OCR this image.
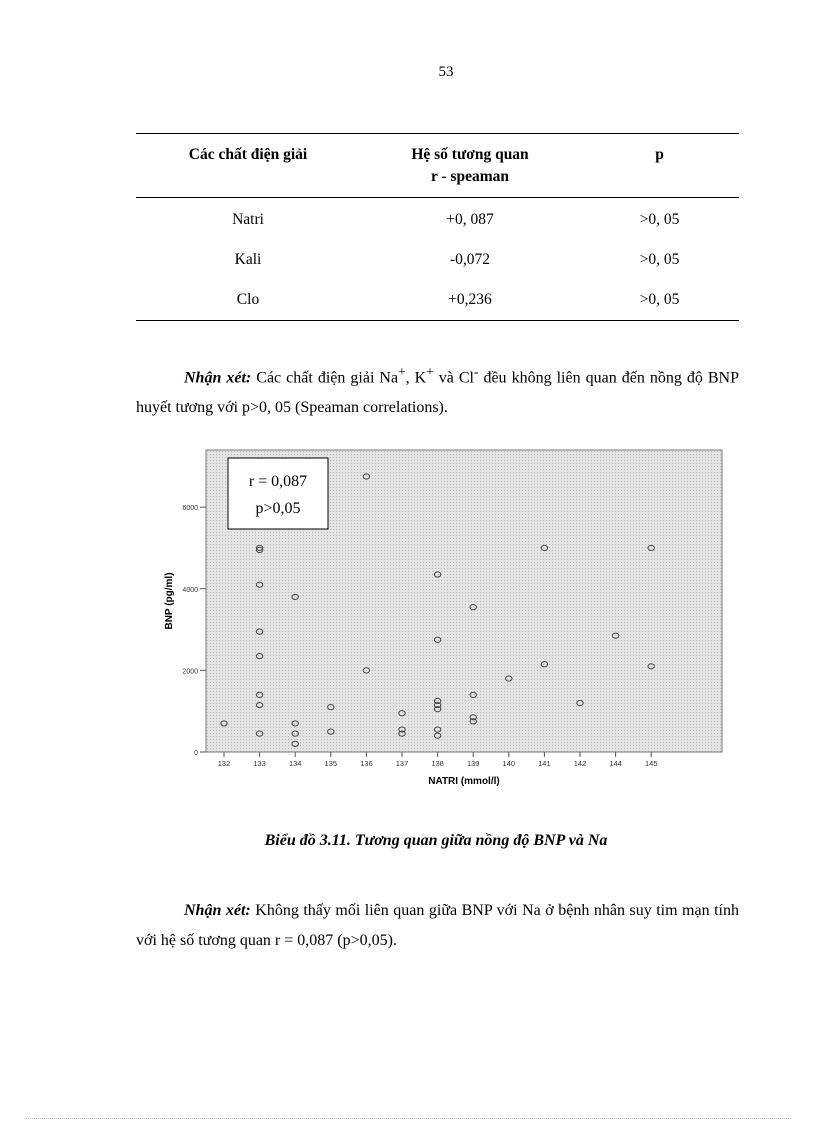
53
Các chất điện giải	Hệ số tương quan	p
	r - speaman	
Natri	+0, 087	>0, 05
Kali	-0,072	>0, 05
Clo	+0,236	>0, 05
Nhận xét: Các chất điện giải Na+, K+ và Cl- đều không liên quan đến nồng độ BNP huyết tương với p>0, 05 (Speaman correlations).
0
2000
4000
6000
132	133	134	135	136	137	138	139	140	141	142	144	145
r = 0,087
p>0,05
NATRI (mmol/l)
BNP (pg/ml)
Biểu đồ 3.11. Tương quan giữa nồng độ BNP và Na
Nhận xét: Không thấy mối liên quan giữa BNP với Na ở bệnh nhân suy tim mạn tính với hệ số tương quan r = 0,087 (p>0,05).
